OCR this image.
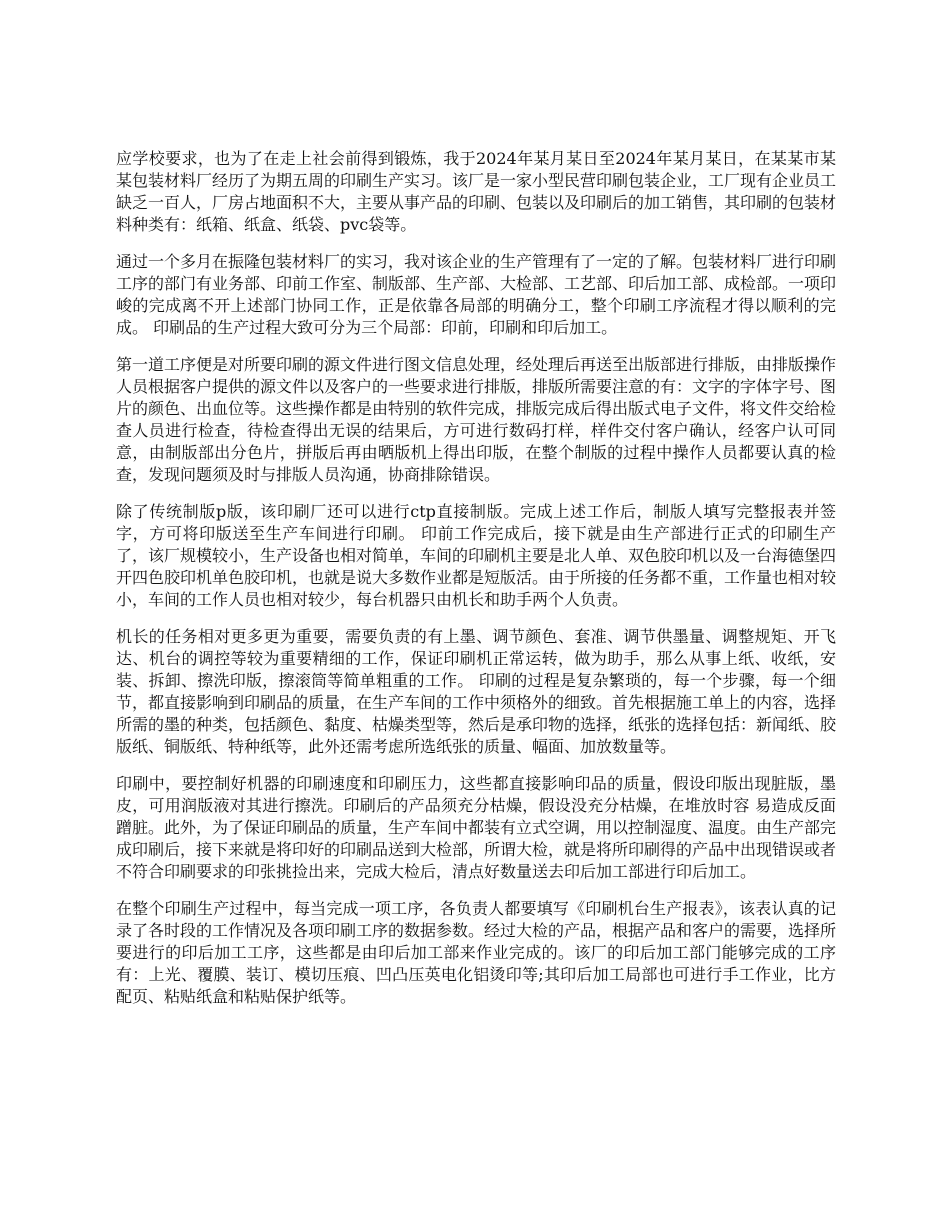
应学校要求，也为了在走上社会前得到锻炼，我于2024年某月某日至2024年某月某日，在某某市某某包装材料厂经历了为期五周的印刷生产实习。该厂是一家小型民营印刷包装企业，工厂现有企业员工缺乏一百人，厂房占地面积不大，主要从事产品的印刷、包装以及印刷后的加工销售，其印刷的包装材料种类有：纸箱、纸盒、纸袋、pvc袋等。

通过一个多月在振隆包装材料厂的实习，我对该企业的生产管理有了一定的了解。包装材料厂进行印刷工序的部门有业务部、印前工作室、制版部、生产部、大检部、工艺部、印后加工部、成检部。一项印峻的完成离不开上述部门协同工作，正是依靠各局部的明确分工，整个印刷工序流程才得以顺利的完成。 印刷品的生产过程大致可分为三个局部：印前，印刷和印后加工。

第一道工序便是对所要印刷的源文件进行图文信息处理，经处理后再送至出版部进行排版，由排版操作人员根据客户提供的源文件以及客户的一些要求进行排版，排版所需要注意的有：文字的字体字号、图片的颜色、出血位等。这些操作都是由特别的软件完成，排版完成后得出版式电子文件，将文件交给检查人员进行检查，待检查得出无误的结果后，方可进行数码打样，样件交付客户确认，经客户认可同意，由制版部出分色片，拼版后再由晒版机上得出印版，在整个制版的过程中操作人员都要认真的检查，发现问题须及时与排版人员沟通，协商排除错误。

除了传统制版p版，该印刷厂还可以进行ctp直接制版。完成上述工作后，制版人填写完整报表并签字，方可将印版送至生产车间进行印刷。 印前工作完成后，接下就是由生产部进行正式的印刷生产了，该厂规模较小，生产设备也相对简单，车间的印刷机主要是北人单、双色胶印机以及一台海德堡四开四色胶印机单色胶印机，也就是说大多数作业都是短版活。由于所接的任务都不重，工作量也相对较小，车间的工作人员也相对较少，每台机器只由机长和助手两个人负责。

机长的任务相对更多更为重要，需要负责的有上墨、调节颜色、套准、调节供墨量、调整规矩、开飞达、机台的调控等较为重要精细的工作，保证印刷机正常运转，做为助手，那么从事上纸、收纸，安装、拆卸、擦洗印版，擦滚筒等简单粗重的工作。 印刷的过程是复杂繁琐的，每一个步骤，每一个细节，都直接影响到印刷品的质量，在生产车间的工作中须格外的细致。首先根据施工单上的内容，选择所需的墨的种类，包括颜色、黏度、枯燥类型等，然后是承印物的选择，纸张的选择包括：新闻纸、胶版纸、铜版纸、特种纸等，此外还需考虑所选纸张的质量、幅面、加放数量等。

印刷中，要控制好机器的印刷速度和印刷压力，这些都直接影响印品的质量，假设印版出现脏版，墨皮，可用润版液对其进行擦洗。印刷后的产品须充分枯燥，假设没充分枯燥，在堆放时容 易造成反面蹭脏。此外，为了保证印刷品的质量，生产车间中都装有立式空调，用以控制湿度、温度。由生产部完成印刷后，接下来就是将印好的印刷品送到大检部，所谓大检，就是将所印刷得的产品中出现错误或者不符合印刷要求的印张挑捡出来，完成大检后，清点好数量送去印后加工部进行印后加工。

在整个印刷生产过程中，每当完成一项工序，各负责人都要填写《印刷机台生产报表》，该表认真的记录了各时段的工作情况及各项印刷工序的数据参数。经过大检的产品，根据产品和客户的需要，选择所要进行的印后加工工序，这些都是由印后加工部来作业完成的。该厂的印后加工部门能够完成的工序有：上光、覆膜、装订、模切压痕、凹凸压英电化铝烫印等;其印后加工局部也可进行手工作业，比方配页、粘贴纸盒和粘贴保护纸等。
